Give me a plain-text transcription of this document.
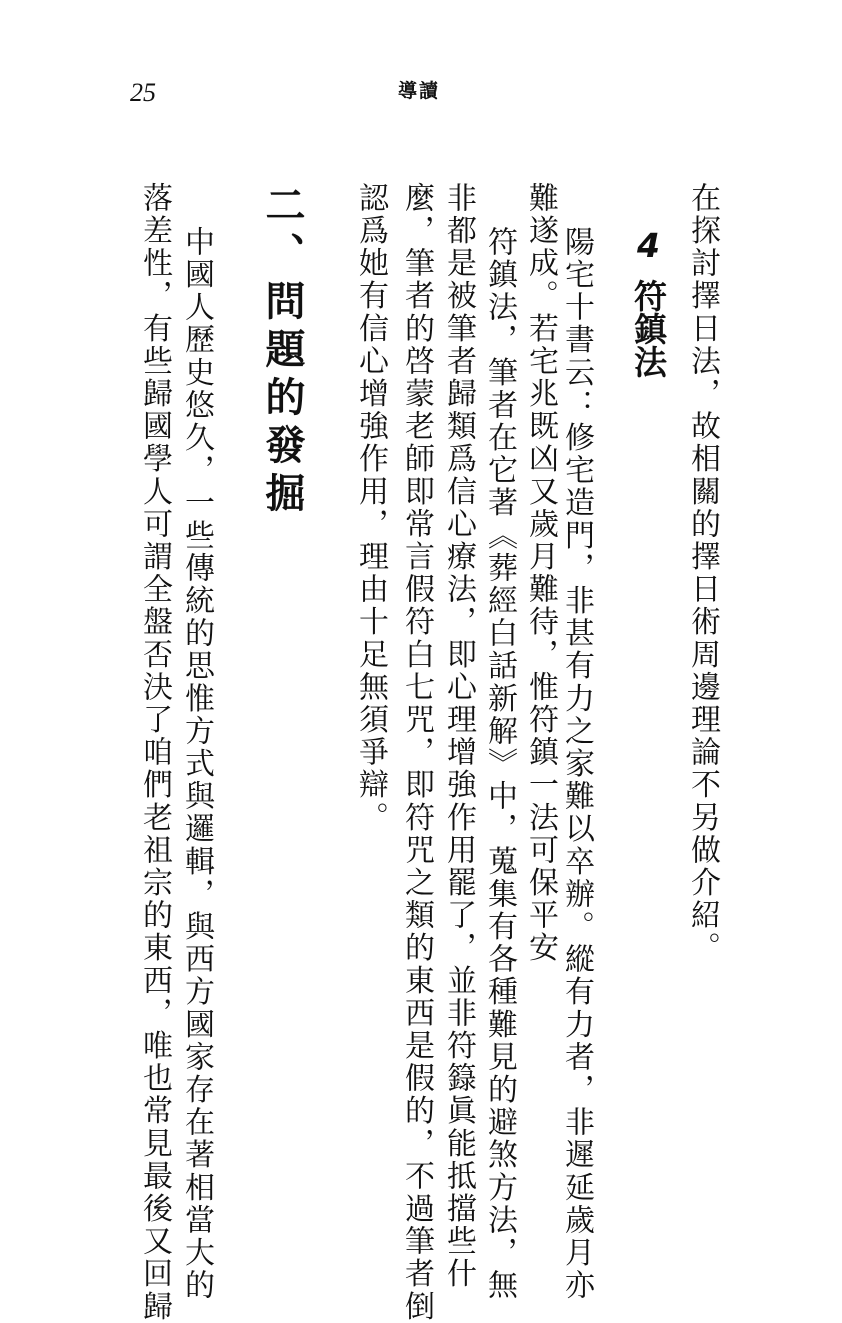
25	導讀

在探討擇日法，故相關的擇日術周邊理論不另做介紹。

4符鎮法

陽宅十書云：修宅造門，非甚有力之家難以卒辦。縱有力者，非遲延歲月亦

難遂成。若宅兆既凶又歲月難待，惟符鎮一法可保平安

符鎮法，筆者在它著《葬經白話新解》中，蒐集有各種難見的避煞方法，無

非都是被筆者歸類爲信心療法，即心理增強作用罷了，並非符籙眞能抵擋些什

麼，筆者的啓蒙老師即常言假符白七咒，即符咒之類的東西是假的，不過筆者倒

認爲她有信心增強作用，理由十足無須爭辯。

二、問題的發掘

中國人歷史悠久，一些傳統的思惟方式與邏輯，與西方國家存在著相當大的

落差性，有些歸國學人可謂全盤否決了咱們老祖宗的東西，唯也常見最後又回歸
